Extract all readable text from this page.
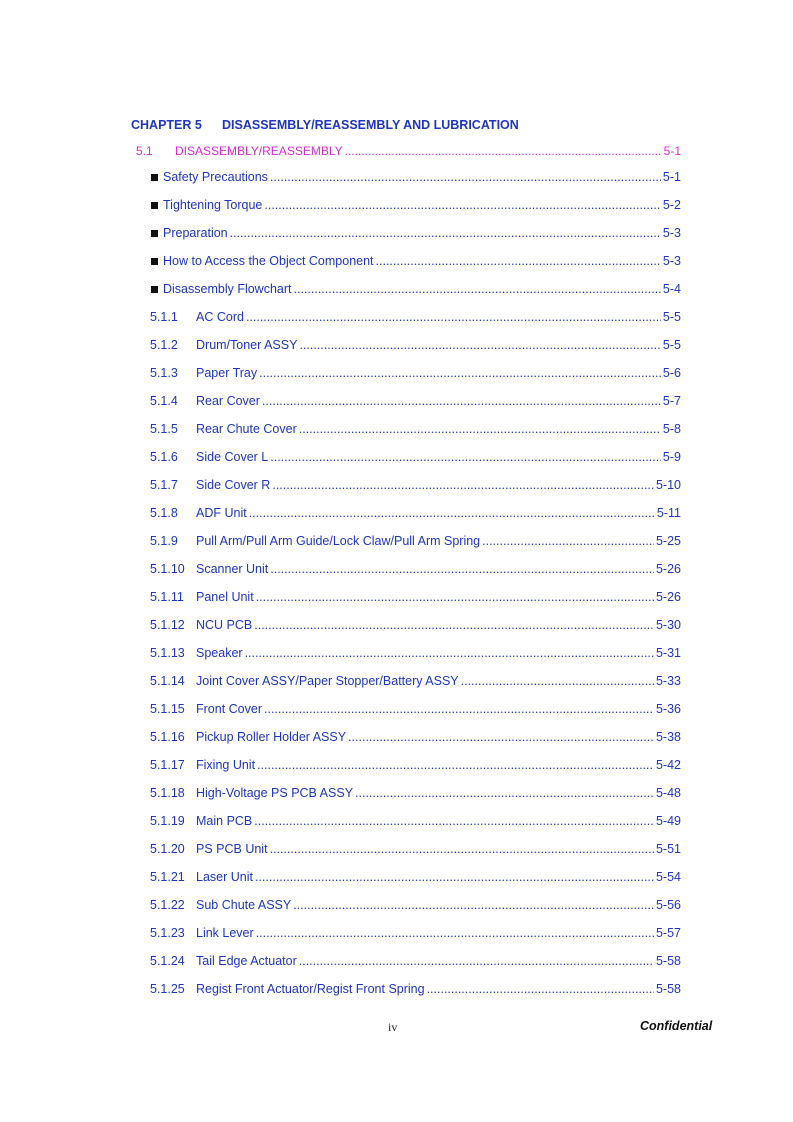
CHAPTER 5 DISASSEMBLY/REASSEMBLY AND LUBRICATION
5.1	DISASSEMBLY/REASSEMBLY .....	5-1
Safety Precautions .....	5-1
Tightening Torque .....	5-2
Preparation .....	5-3
How to Access the Object Component .....	5-3
Disassembly Flowchart .....	5-4
5.1.1	AC Cord .....	5-5
5.1.2	Drum/Toner ASSY .....	5-5
5.1.3	Paper Tray .....	5-6
5.1.4	Rear Cover .....	5-7
5.1.5	Rear Chute Cover .....	5-8
5.1.6	Side Cover L .....	5-9
5.1.7	Side Cover R .....	5-10
5.1.8	ADF Unit .....	5-11
5.1.9	Pull Arm/Pull Arm Guide/Lock Claw/Pull Arm Spring .....	5-25
5.1.10 Scanner Unit .....	5-26
5.1.11 Panel Unit .....	5-26
5.1.12 NCU PCB .....	5-30
5.1.13 Speaker .....	5-31
5.1.14 Joint Cover ASSY/Paper Stopper/Battery ASSY .....	5-33
5.1.15 Front Cover .....	5-36
5.1.16 Pickup Roller Holder ASSY .....	5-38
5.1.17 Fixing Unit .....	5-42
5.1.18 High-Voltage PS PCB ASSY .....	5-48
5.1.19 Main PCB .....	5-49
5.1.20 PS PCB Unit .....	5-51
5.1.21 Laser Unit .....	5-54
5.1.22 Sub Chute ASSY .....	5-56
5.1.23 Link Lever .....	5-57
5.1.24 Tail Edge Actuator .....	5-58
5.1.25 Regist Front Actuator/Regist Front Spring .....	5-58
iv	Confidential
